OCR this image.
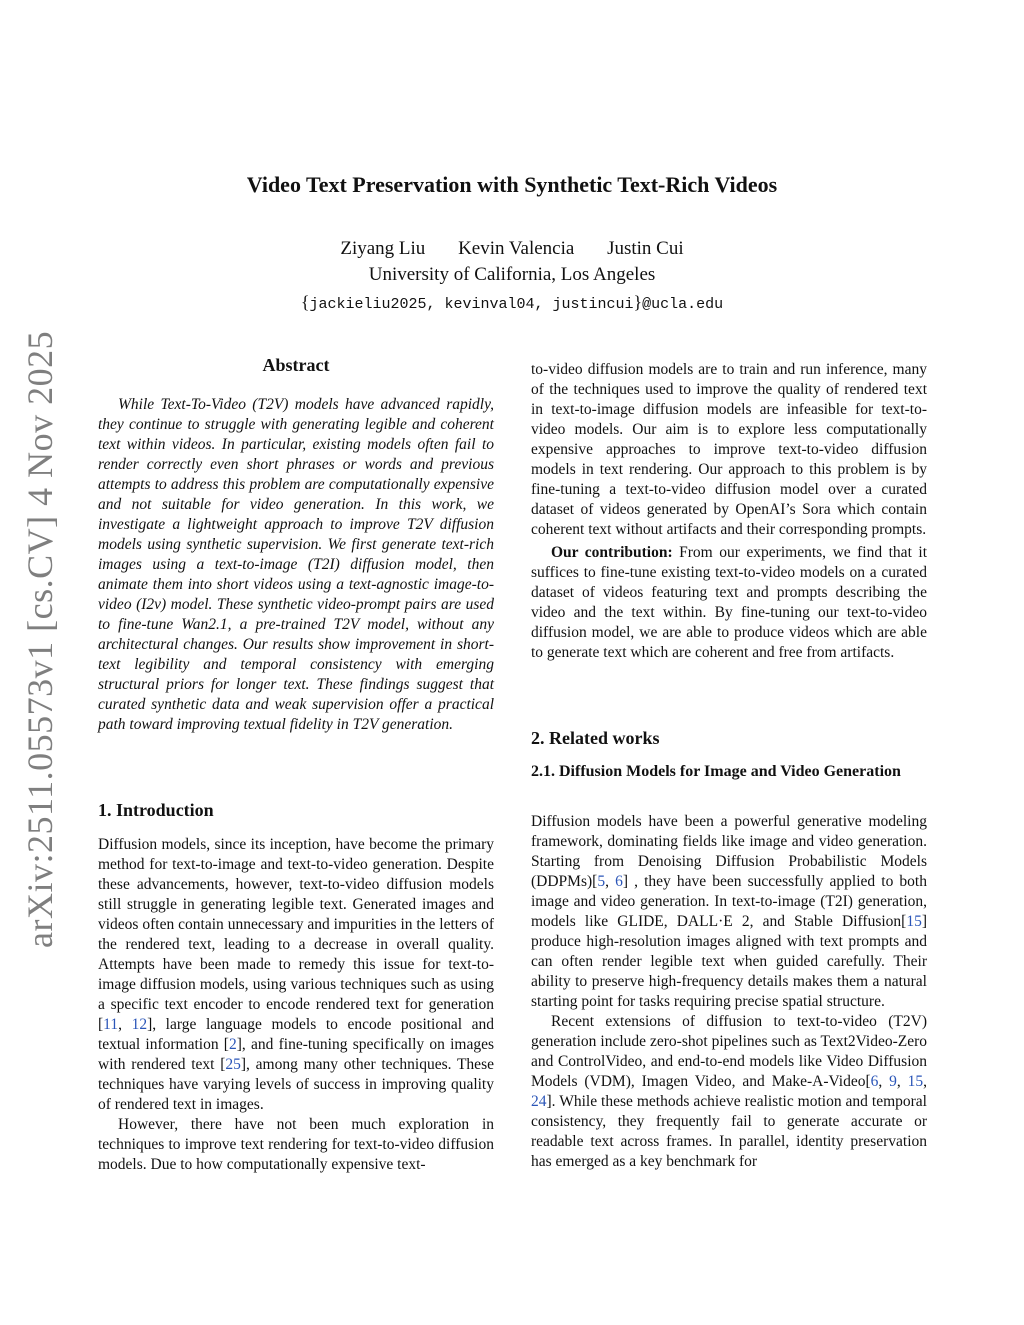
arXiv:2511.05573v1 [cs.CV] 4 Nov 2025
Video Text Preservation with Synthetic Text-Rich Videos

Ziyang Liu Kevin Valencia Justin Cui

University of California, Los Angeles

{jackieliu2025, kevinval04, justincui}@ucla.edu

Abstract

While Text-To-Video (T2V) models have advanced rapidly, they continue to struggle with generating legible and coherent text within videos. In particular, existing models often fail to render correctly even short phrases or words and previous attempts to address this problem are computationally expensive and not suitable for video generation. In this work, we investigate a lightweight approach to improve T2V diffusion models using synthetic supervision. We first generate text-rich images using a text-to-image (T2I) diffusion model, then animate them into short videos using a text-agnostic image-to-video (I2v) model. These synthetic video-prompt pairs are used to fine-tune Wan2.1, a pre-trained T2V model, without any architectural changes. Our results show improvement in short-text legibility and temporal consistency with emerging structural priors for longer text. These findings suggest that curated synthetic data and weak supervision offer a practical path toward improving textual fidelity in T2V generation.

1. Introduction

Diffusion models, since its inception, have become the primary method for text-to-image and text-to-video generation. Despite these advancements, however, text-to-video diffusion models still struggle in generating legible text. Generated images and videos often contain unnecessary and impurities in the letters of the rendered text, leading to a decrease in overall quality. Attempts have been made to remedy this issue for text-to-image diffusion models, using various techniques such as using a specific text encoder to encode rendered text for generation [11, 12], large language models to encode positional and textual information [2], and fine-tuning specifically on images with rendered text [25], among many other techniques. These techniques have varying levels of success in improving quality of rendered text in images.

However, there have not been much exploration in techniques to improve text rendering for text-to-video diffusion models. Due to how computationally expensive text-

to-video diffusion models are to train and run inference, many of the techniques used to improve the quality of rendered text in text-to-image diffusion models are infeasible for text-to-video models. Our aim is to explore less computationally expensive approaches to improve text-to-video diffusion models in text rendering. Our approach to this problem is by fine-tuning a text-to-video diffusion model over a curated dataset of videos generated by OpenAI’s Sora which contain coherent text without artifacts and their corresponding prompts.

Our contribution: From our experiments, we find that it suffices to fine-tune existing text-to-video models on a curated dataset of videos featuring text and prompts describing the video and the text within. By fine-tuning our text-to-video diffusion model, we are able to produce videos which are able to generate text which are coherent and free from artifacts.

2. Related works
2.1. Diffusion Models for Image and Video Generation

Diffusion models have been a powerful generative modeling framework, dominating fields like image and video generation. Starting from Denoising Diffusion Probabilistic Models (DDPMs)[5, 6] , they have been successfully applied to both image and video generation. In text-to-image (T2I) generation, models like GLIDE, DALL·E 2, and Stable Diffusion[15] produce high-resolution images aligned with text prompts and can often render legible text when guided carefully. Their ability to preserve high-frequency details makes them a natural starting point for tasks requiring precise spatial structure.

Recent extensions of diffusion to text-to-video (T2V) generation include zero-shot pipelines such as Text2Video-Zero and ControlVideo, and end-to-end models like Video Diffusion Models (VDM), Imagen Video, and Make-A-Video[6, 9, 15, 24]. While these methods achieve realistic motion and temporal consistency, they frequently fail to generate accurate or readable text across frames. In parallel, identity preservation has emerged as a key benchmark for
